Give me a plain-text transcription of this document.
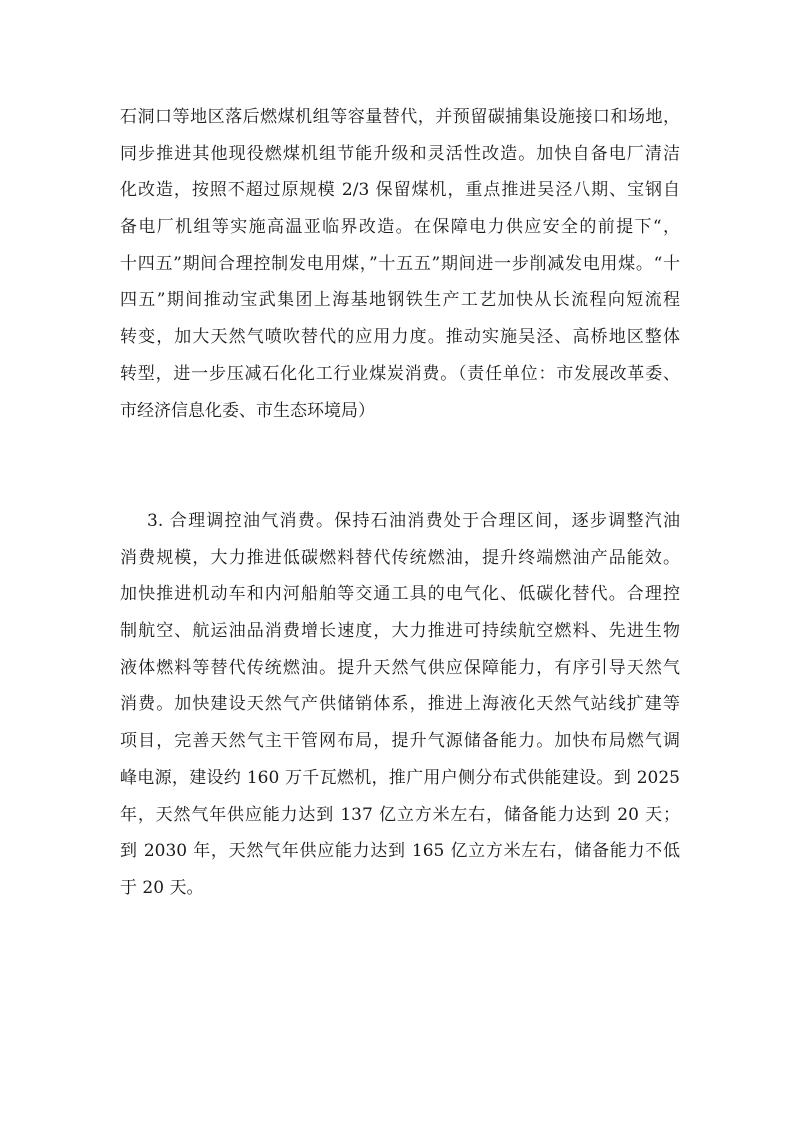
石洞口等地区落后燃煤机组等容量替代，并预留碳捕集设施接口和场地，
同步推进其他现役燃煤机组节能升级和灵活性改造。加快自备电厂清洁
化改造，按照不超过原规模 2/3 保留煤机，重点推进吴泾八期、宝钢自
备电厂机组等实施高温亚临界改造。在保障电力供应安全的前提下“，
十四五”期间合理控制发电用煤，”十五五”期间进一步削减发电用煤。“十
四五”期间推动宝武集团上海基地钢铁生产工艺加快从长流程向短流程
转变，加大天然气喷吹替代的应用力度。推动实施吴泾、高桥地区整体
转型，进一步压减石化化工行业煤炭消费。（责任单位：市发展改革委、
市经济信息化委、市生态环境局）
3. 合理调控油气消费。保持石油消费处于合理区间，逐步调整汽油
消费规模，大力推进低碳燃料替代传统燃油，提升终端燃油产品能效。
加快推进机动车和内河船舶等交通工具的电气化、低碳化替代。合理控
制航空、航运油品消费增长速度，大力推进可持续航空燃料、先进生物
液体燃料等替代传统燃油。提升天然气供应保障能力，有序引导天然气
消费。加快建设天然气产供储销体系，推进上海液化天然气站线扩建等
项目，完善天然气主干管网布局，提升气源储备能力。加快布局燃气调
峰电源，建设约 160 万千瓦燃机，推广用户侧分布式供能建设。到 2025
年，天然气年供应能力达到 137 亿立方米左右，储备能力达到 20 天；
到 2030 年，天然气年供应能力达到 165 亿立方米左右，储备能力不低
于 20 天。
